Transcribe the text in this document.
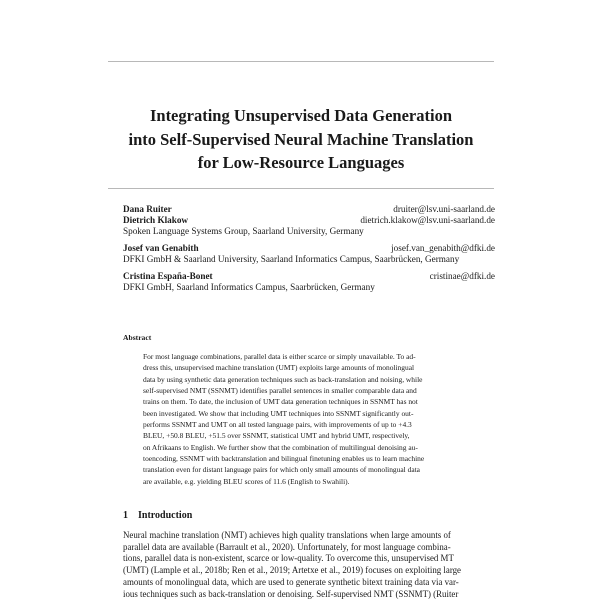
Integrating Unsupervised Data Generation
into Self-Supervised Neural Machine Translation
for Low-Resource Languages
Dana Ruiter	druiter@lsv.uni-saarland.de
Dietrich Klakow	dietrich.klakow@lsv.uni-saarland.de
Spoken Language Systems Group, Saarland University, Germany
Josef van Genabith	josef.van_genabith@dfki.de
DFKI GmbH & Saarland University, Saarland Informatics Campus, Saarbrücken, Germany
Cristina España-Bonet	cristinae@dfki.de
DFKI GmbH, Saarland Informatics Campus, Saarbrücken, Germany
Abstract
For most language combinations, parallel data is either scarce or simply unavailable. To ad-
dress this, unsupervised machine translation (UMT) exploits large amounts of monolingual
data by using synthetic data generation techniques such as back-translation and noising, while
self-supervised NMT (SSNMT) identifies parallel sentences in smaller comparable data and
trains on them. To date, the inclusion of UMT data generation techniques in SSNMT has not
been investigated. We show that including UMT techniques into SSNMT significantly out-
performs SSNMT and UMT on all tested language pairs, with improvements of up to +4.3
BLEU, +50.8 BLEU, +51.5 over SSNMT, statistical UMT and hybrid UMT, respectively,
on Afrikaans to English. We further show that the combination of multilingual denoising au-
toencoding, SSNMT with backtranslation and bilingual finetuning enables us to learn machine
translation even for distant language pairs for which only small amounts of monolingual data
are available, e.g. yielding BLEU scores of 11.6 (English to Swahili).
1 Introduction
Neural machine translation (NMT) achieves high quality translations when large amounts of
parallel data are available (Barrault et al., 2020). Unfortunately, for most language combina-
tions, parallel data is non-existent, scarce or low-quality. To overcome this, unsupervised MT
(UMT) (Lample et al., 2018b; Ren et al., 2019; Artetxe et al., 2019) focuses on exploiting large
amounts of monolingual data, which are used to generate synthetic bitext training data via var-
ious techniques such as back-translation or denoising. Self-supervised NMT (SSNMT) (Ruiter
